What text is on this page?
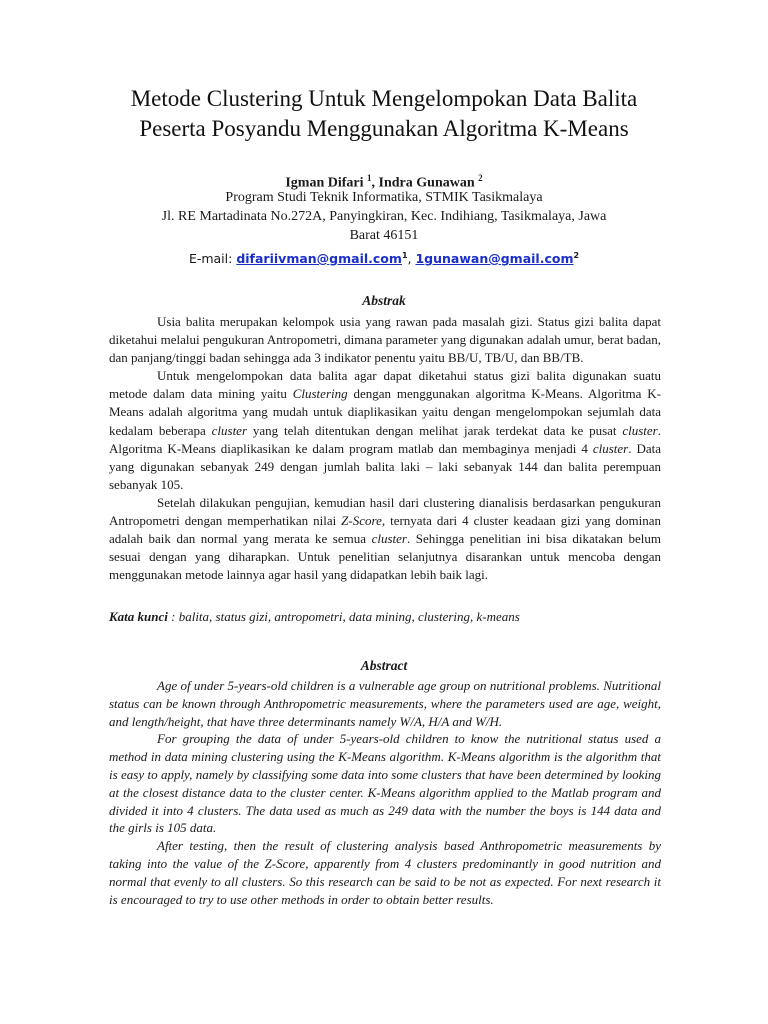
Metode Clustering Untuk Mengelompokan Data Balita
Peserta Posyandu Menggunakan Algoritma K-Means
Igman Difari $^1$, Indra Gunawan $^2$
Program Studi Teknik Informatika, STMIK Tasikmalaya
Jl. RE Martadinata No.272A, Panyingkiran, Kec. Indihiang, Tasikmalaya, Jawa
Barat 46151
E-mail: difariivman@gmail.com$^1$, 1gunawan@gmail.com$^2$
Abstrak

Usia balita merupakan kelompok usia yang rawan pada masalah gizi. Status gizi balita dapat diketahui melalui pengukuran Antropometri, dimana parameter yang digunakan adalah umur, berat badan, dan panjang/tinggi badan sehingga ada 3 indikator penentu yaitu BB/U, TB/U, dan BB/TB.

Untuk mengelompokan data balita agar dapat diketahui status gizi balita digunakan suatu metode dalam data mining yaitu Clustering dengan menggunakan algoritma K-Means. Algoritma K-Means adalah algoritma yang mudah untuk diaplikasikan yaitu dengan mengelompokan sejumlah data kedalam beberapa cluster yang telah ditentukan dengan melihat jarak terdekat data ke pusat cluster. Algoritma K-Means diaplikasikan ke dalam program matlab dan membaginya menjadi 4 cluster. Data yang digunakan sebanyak 249 dengan jumlah balita laki – laki sebanyak 144 dan balita perempuan sebanyak 105.

Setelah dilakukan pengujian, kemudian hasil dari clustering dianalisis berdasarkan pengukuran Antropometri dengan memperhatikan nilai Z-Score, ternyata dari 4 cluster keadaan gizi yang dominan adalah baik dan normal yang merata ke semua cluster. Sehingga penelitian ini bisa dikatakan belum sesuai dengan yang diharapkan. Untuk penelitian selanjutnya disarankan untuk mencoba dengan menggunakan metode lainnya agar hasil yang didapatkan lebih baik lagi.

Kata kunci : balita, status gizi, antropometri, data mining, clustering, k-means
Abstract

Age of under 5-years-old children is a vulnerable age group on nutritional problems. Nutritional status can be known through Anthropometric measurements, where the parameters used are age, weight, and length/height, that have three determinants namely W/A, H/A and W/H.

For grouping the data of under 5-years-old children to know the nutritional status used a method in data mining clustering using the K-Means algorithm. K-Means algorithm is the algorithm that is easy to apply, namely by classifying some data into some clusters that have been determined by looking at the closest distance data to the cluster center. K-Means algorithm applied to the Matlab program and divided it into 4 clusters. The data used as much as 249 data with the number the boys is 144 data and the girls is 105 data.

After testing, then the result of clustering analysis based Anthropometric measurements by taking into the value of the Z-Score, apparently from 4 clusters predominantly in good nutrition and normal that evenly to all clusters. So this research can be said to be not as expected. For next research it is encouraged to try to use other methods in order to obtain better results.
